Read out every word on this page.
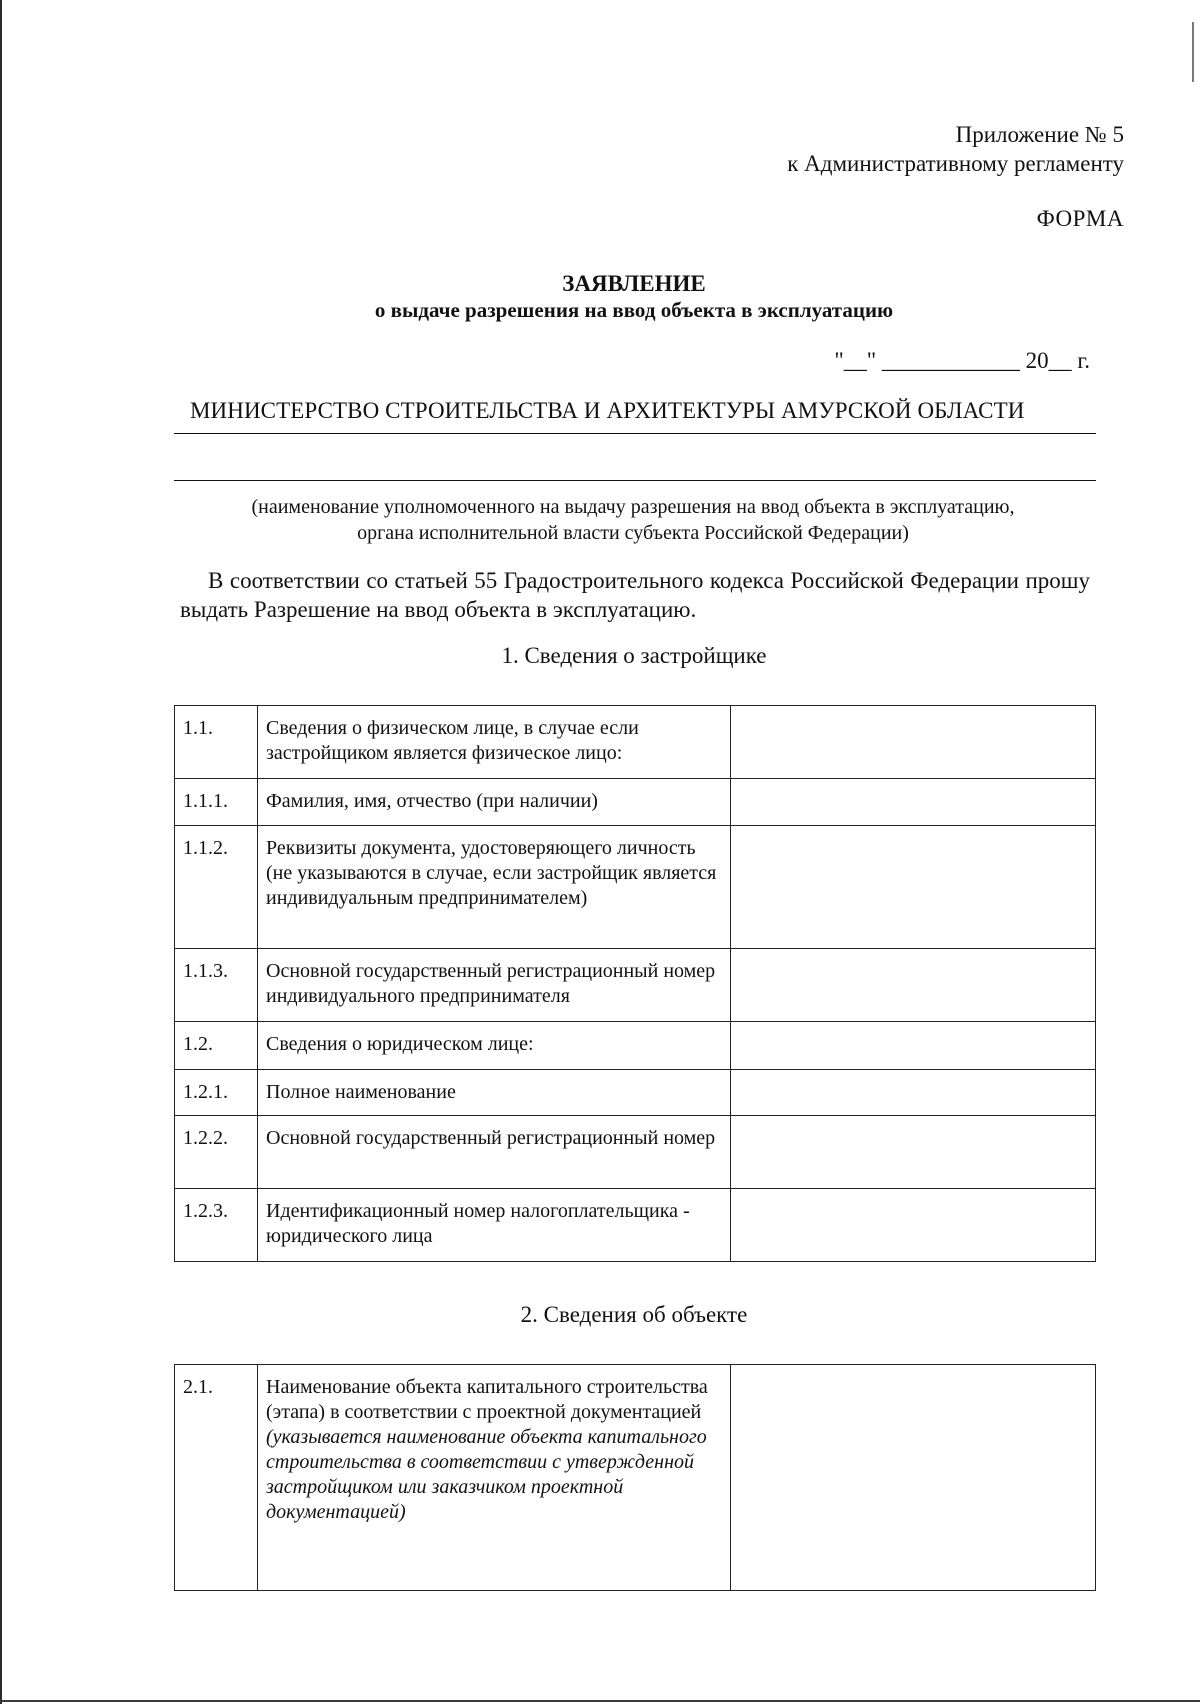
Приложение № 5
к Административному регламенту
ФОРМА
ЗАЯВЛЕНИЕ
о выдаче разрешения на ввод объекта в эксплуатацию
"__" ____________ 20__ г.
МИНИСТЕРСТВО СТРОИТЕЛЬСТВА И АРХИТЕКТУРЫ АМУРСКОЙ ОБЛАСТИ
(наименование уполномоченного на выдачу разрешения на ввод объекта в эксплуатацию,
органа исполнительной власти субъекта Российской Федерации)
В соответствии со статьей 55 Градостроительного кодекса Российской Федерации прошу выдать Разрешение на ввод объекта в эксплуатацию.
1. Сведения о застройщике
1.1.	Сведения о физическом лице, в случае если застройщиком является физическое лицо:	
1.1.1.	Фамилия, имя, отчество (при наличии)	
1.1.2.	Реквизиты документа, удостоверяющего личность (не указываются в случае, если застройщик является индивидуальным предпринимателем)	
1.1.3.	Основной государственный регистрационный номер индивидуального предпринимателя	
1.2.	Сведения о юридическом лице:	
1.2.1.	Полное наименование	
1.2.2.	Основной государственный регистрационный номер	
1.2.3.	Идентификационный номер налогоплательщика - юридического лица	
2. Сведения об объекте
2.1.	Наименование объекта капитального строительства (этапа) в соответствии с проектной документацией
(указывается наименование объекта капитального строительства в соответствии с утвержденной застройщиком или заказчиком проектной документацией)
